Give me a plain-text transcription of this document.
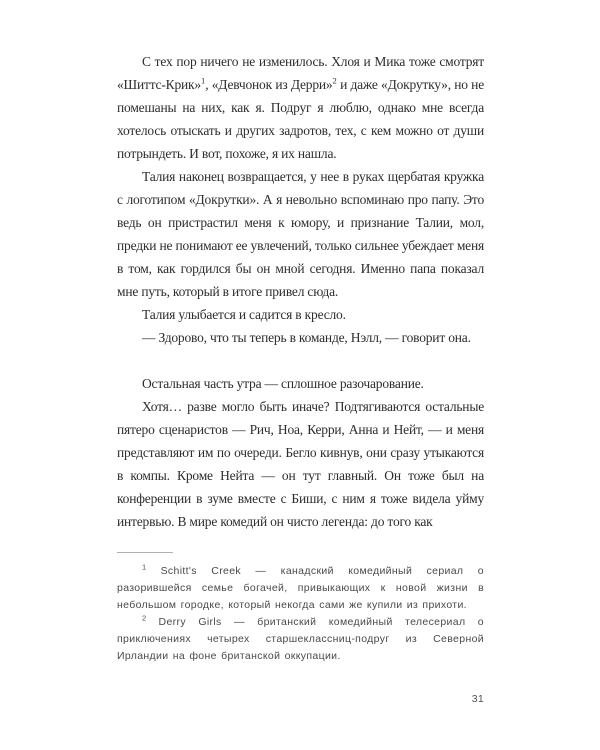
С тех пор ничего не изменилось. Хлоя и Мика тоже смотрят «Шиттс-Крик»$^1$, «Девчонок из Дерри»$^2$ и даже «Докрутку», но не помешаны на них, как я. Подруг я люблю, однако мне всегда хотелось отыскать и других задротов, тех, с кем можно от души потрындеть. И вот, похоже, я их нашла.

Талия наконец возвращается, у нее в руках щербатая кружка с логотипом «Докрутки». А я невольно вспоминаю про папу. Это ведь он пристрастил меня к юмору, и признание Талии, мол, предки не понимают ее увлечений, только сильнее убеждает меня в том, как гордился бы он мной сегодня. Именно папа показал мне путь, который в итоге привел сюда.

Талия улыбается и садится в кресло.

— Здорово, что ты теперь в команде, Нэлл, — говорит она.

Остальная часть утра — сплошное разочарование.

Хотя… разве могло быть иначе? Подтягиваются остальные пятеро сценаристов — Рич, Ноа, Керри, Анна и Нейт, — и меня представляют им по очереди. Бегло кивнув, они сразу утыкаются в компы. Кроме Нейта — он тут главный. Он тоже был на конференции в зуме вместе с Биши, с ним я тоже видела уйму интервью. В мире комедий он чисто легенда: до того как

$^1$ Schitt's Creek — канадский комедийный сериал о разорившейся семье богачей, привыкающих к новой жизни в небольшом городке, который некогда сами же купили из прихоти.

$^2$ Derry Girls — британский комедийный телесериал о приключениях четырех старшеклассниц-подруг из Северной Ирландии на фоне британской оккупации.

31
